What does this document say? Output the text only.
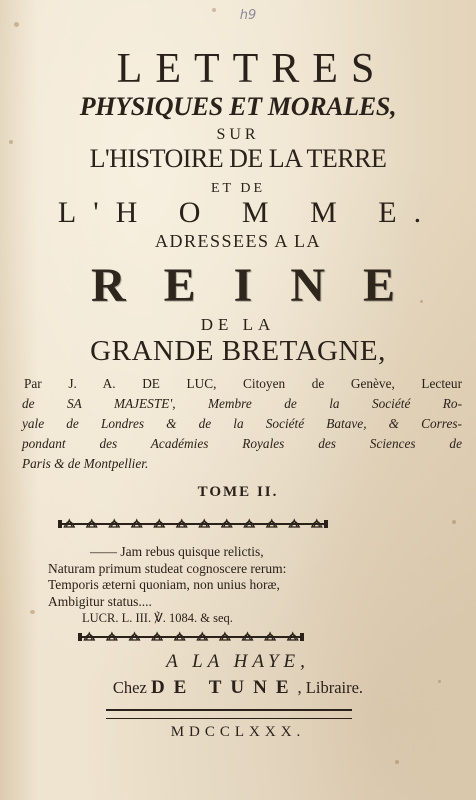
h9
LETTRES
PHYSIQUES ET MORALES,
SUR
L'HISTOIRE DE LA TERRE
ET DE
L'H O M M E.
ADRESSEES A LA
REINE
DE LA
GRANDE BRETAGNE,
Par J. A. DE LUC, Citoyen de Genève, Lecteur
de SA MAJESTE', Membre de la Société Ro-
yale de Londres & de la Société Batave, & Corres-
pondant des Académies Royales des Sciences de
Paris & de Montpellier.
TOME II.
—— Jam rebus quisque relictis,
Naturam primum studeat cognoscere rerum:
Temporis æterni quoniam, non unius horæ,
Ambigitur status....
LUCR. L. III. ℣. 1084. & seq.
A LA HAYE,
Chez DE TUNE, Libraire.
MDCCLXXX.
